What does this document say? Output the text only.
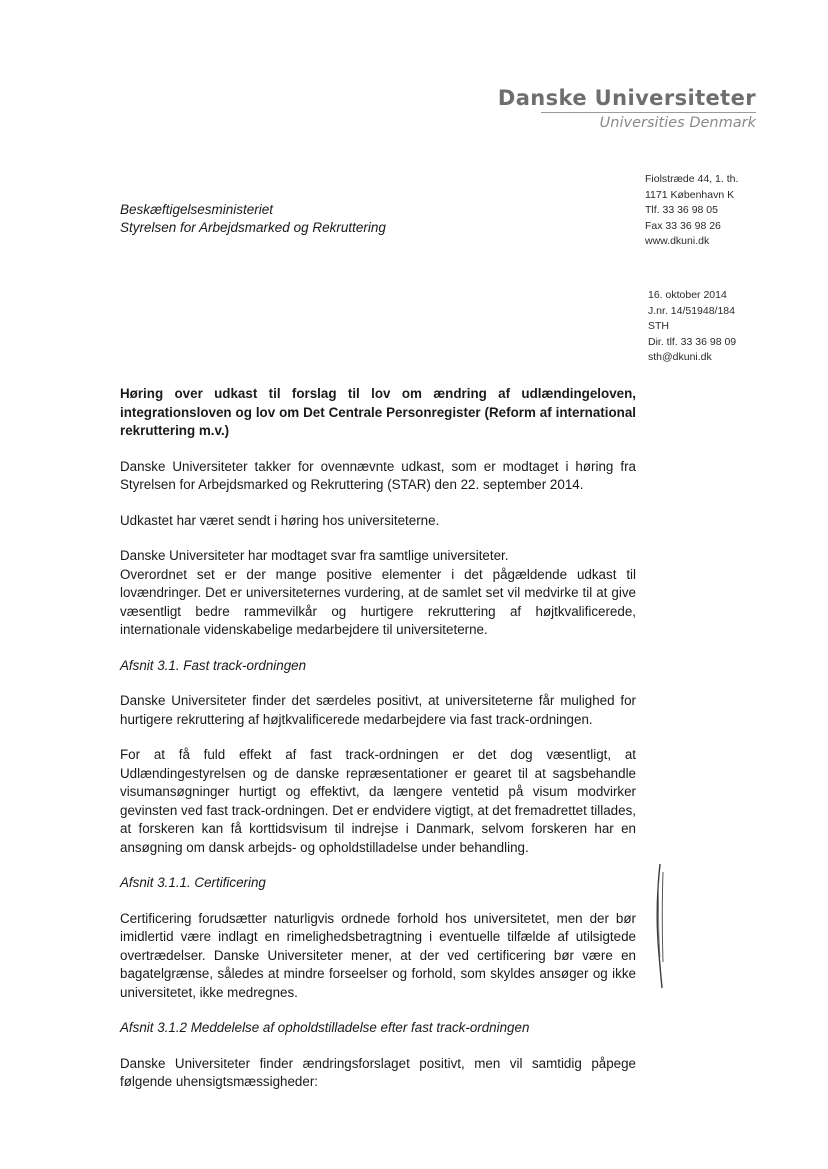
Danske Universiteter
Universities Denmark
Beskæftigelsesministeriet
Styrelsen for Arbejdsmarked og Rekruttering
Fiolstræde 44, 1. th.
1171 København K
Tlf. 33 36 98 05
Fax 33 36 98 26
www.dkuni.dk
16. oktober 2014
J.nr. 14/51948/184
STH
Dir. tlf. 33 36 98 09
sth@dkuni.dk

Høring over udkast til forslag til lov om ændring af udlændingeloven, integrationsloven og lov om Det Centrale Personregister (Reform af international rekruttering m.v.)

Danske Universiteter takker for ovennævnte udkast, som er modtaget i høring fra Styrelsen for Arbejdsmarked og Rekruttering (STAR) den 22. september 2014.

Udkastet har været sendt i høring hos universiteterne.

Danske Universiteter har modtaget svar fra samtlige universiteter.

Overordnet set er der mange positive elementer i det pågældende udkast til lovændringer. Det er universiteternes vurdering, at de samlet set vil medvirke til at give væsentligt bedre rammevilkår og hurtigere rekruttering af højtkvalificerede, internationale videnskabelige medarbejdere til universiteterne.

Afsnit 3.1. Fast track-ordningen

Danske Universiteter finder det særdeles positivt, at universiteterne får mulighed for hurtigere rekruttering af højtkvalificerede medarbejdere via fast track-ordningen.

For at få fuld effekt af fast track-ordningen er det dog væsentligt, at Udlændingestyrelsen og de danske repræsentationer er gearet til at sagsbehandle visumansøgninger hurtigt og effektivt, da længere ventetid på visum modvirker gevinsten ved fast track-ordningen. Det er endvidere vigtigt, at det fremadrettet tillades, at forskeren kan få korttidsvisum til indrejse i Danmark, selvom forskeren har en ansøgning om dansk arbejds- og opholdstilladelse under behandling.

Afsnit 3.1.1. Certificering

Certificering forudsætter naturligvis ordnede forhold hos universitetet, men der bør imidlertid være indlagt en rimelighedsbetragtning i eventuelle tilfælde af utilsigtede overtrædelser. Danske Universiteter mener, at der ved certificering bør være en bagatelgrænse, således at mindre forseelser og forhold, som skyldes ansøger og ikke universitetet, ikke medregnes.

Afsnit 3.1.2 Meddelelse af opholdstilladelse efter fast track-ordningen

Danske Universiteter finder ændringsforslaget positivt, men vil samtidig påpege følgende uhensigtsmæssigheder:
